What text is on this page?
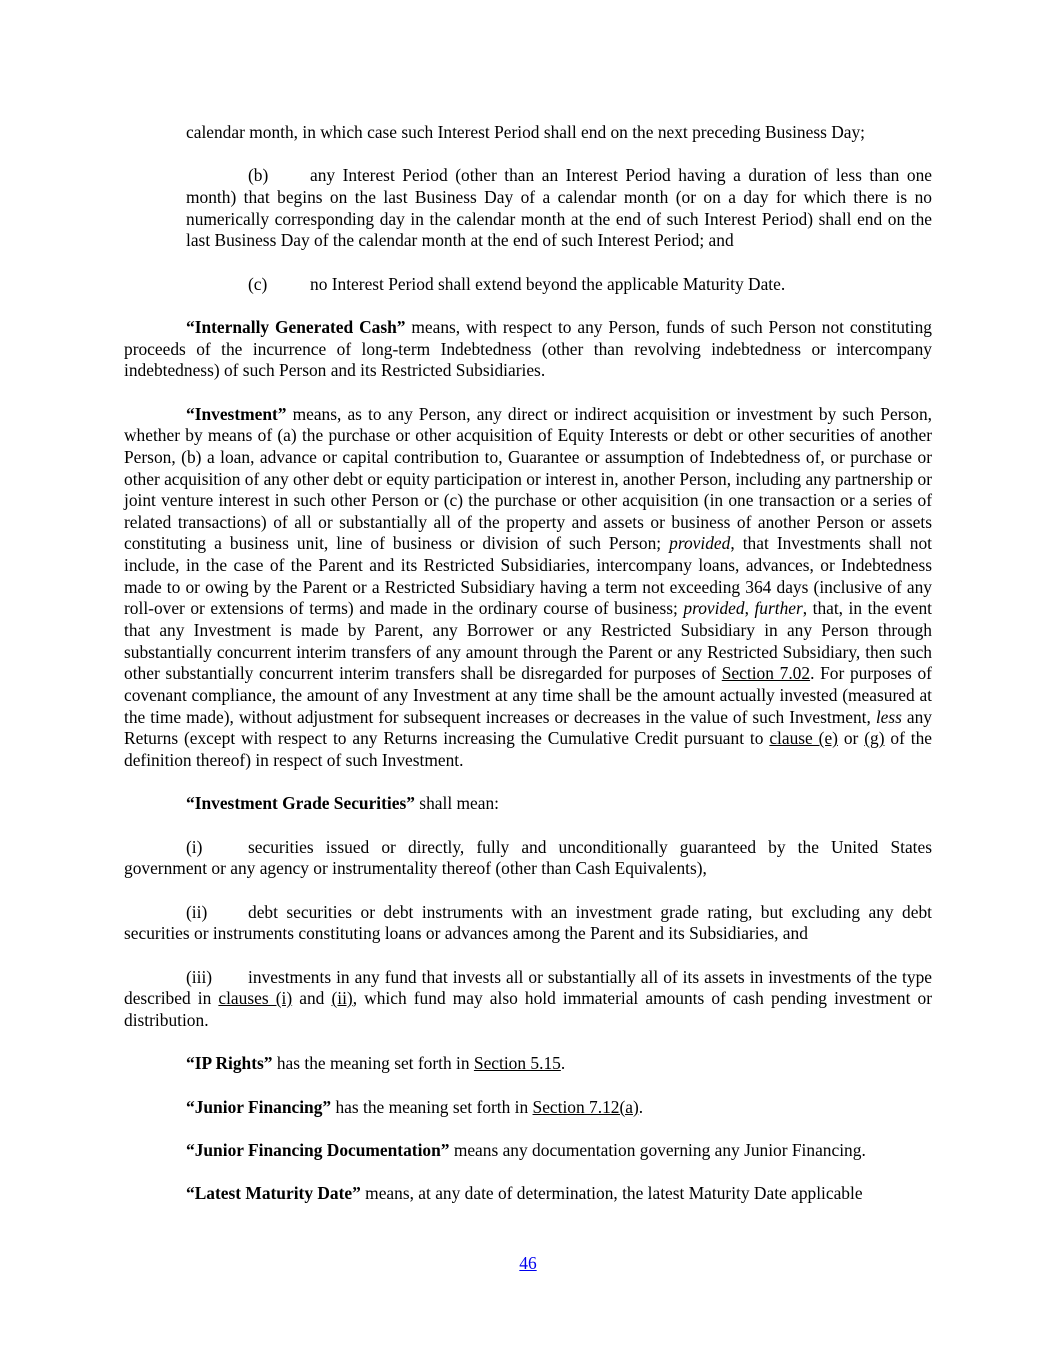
calendar month, in which case such Interest Period shall end on the next preceding Business Day;

(b) any Interest Period (other than an Interest Period having a duration of less than one month) that begins on the last Business Day of a calendar month (or on a day for which there is no numerically corresponding day in the calendar month at the end of such Interest Period) shall end on the last Business Day of the calendar month at the end of such Interest Period; and

(c) no Interest Period shall extend beyond the applicable Maturity Date.

“Internally Generated Cash” means, with respect to any Person, funds of such Person not constituting proceeds of the incurrence of long-term Indebtedness (other than revolving indebtedness or intercompany indebtedness) of such Person and its Restricted Subsidiaries.

“Investment” means, as to any Person, any direct or indirect acquisition or investment by such Person, whether by means of (a) the purchase or other acquisition of Equity Interests or debt or other securities of another Person, (b) a loan, advance or capital contribution to, Guarantee or assumption of Indebtedness of, or purchase or other acquisition of any other debt or equity participation or interest in, another Person, including any partnership or joint venture interest in such other Person or (c) the purchase or other acquisition (in one transaction or a series of related transactions) of all or substantially all of the property and assets or business of another Person or assets constituting a business unit, line of business or division of such Person; provided, that Investments shall not include, in the case of the Parent and its Restricted Subsidiaries, intercompany loans, advances, or Indebtedness made to or owing by the Parent or a Restricted Subsidiary having a term not exceeding 364 days (inclusive of any roll-over or extensions of terms) and made in the ordinary course of business; provided, further, that, in the event that any Investment is made by Parent, any Borrower or any Restricted Subsidiary in any Person through substantially concurrent interim transfers of any amount through the Parent or any Restricted Subsidiary, then such other substantially concurrent interim transfers shall be disregarded for purposes of Section 7.02. For purposes of covenant compliance, the amount of any Investment at any time shall be the amount actually invested (measured at the time made), without adjustment for subsequent increases or decreases in the value of such Investment, less any Returns (except with respect to any Returns increasing the Cumulative Credit pursuant to clause (e) or (g) of the definition thereof) in respect of such Investment.

“Investment Grade Securities” shall mean:

(i)	securities issued or directly, fully and unconditionally guaranteed by the United States government or any agency or instrumentality thereof (other than Cash Equivalents),

(ii) debt securities or debt instruments with an investment grade rating, but excluding any debt securities or instruments constituting loans or advances among the Parent and its Subsidiaries, and

(iii) investments in any fund that invests all or substantially all of its assets in investments of the type described in clauses (i) and (ii), which fund may also hold immaterial amounts of cash pending investment or distribution.

“IP Rights” has the meaning set forth in Section 5.15.

“Junior Financing” has the meaning set forth in Section 7.12(a).

“Junior Financing Documentation” means any documentation governing any Junior Financing.

“Latest Maturity Date” means, at any date of determination, the latest Maturity Date applicable

46
